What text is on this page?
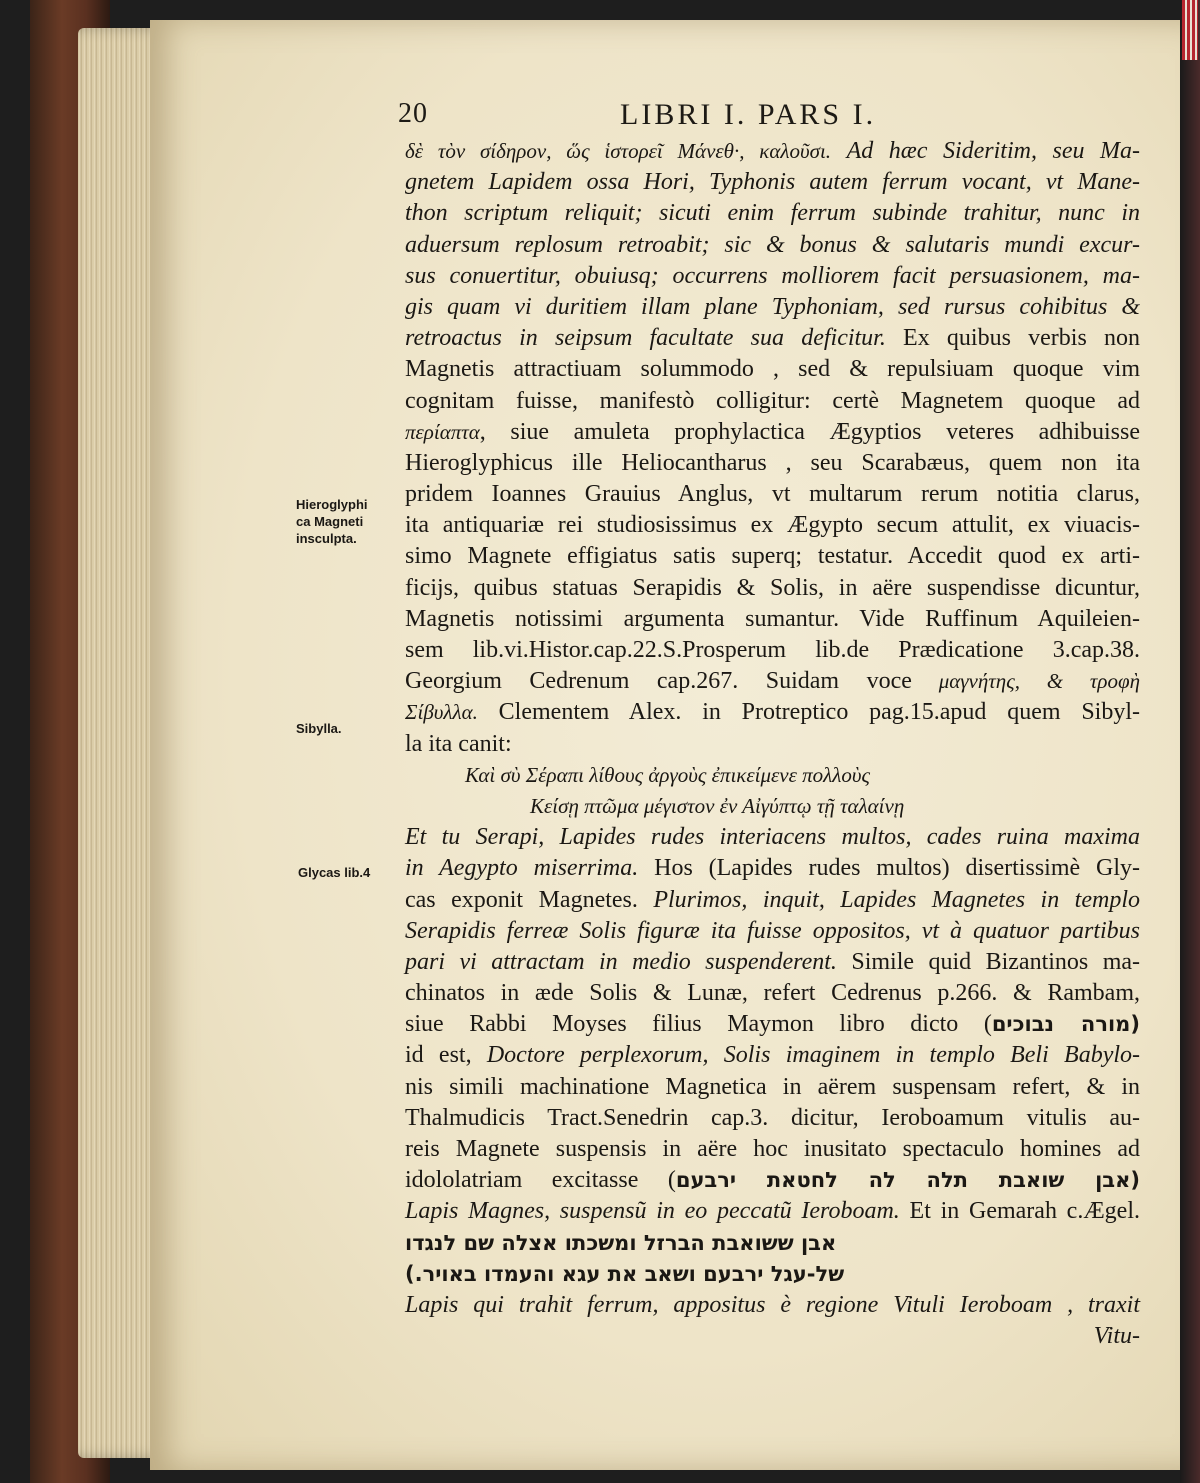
20	LIBRI I. PARS I.
Hieroglyphi
ca Magneti
insculpta.
Sibylla.
Glycas lib.4
δὲ τὸν σίδηρον, ὥς ἱστορεῖ Μάνεθ·, καλοῦσι. Ad hæc Sideritim, seu Ma-
gnetem Lapidem ossa Hori, Typhonis autem ferrum vocant, vt Mane-
thon scriptum reliquit; sicuti enim ferrum subinde trahitur, nunc in
aduersum replosum retroabit; sic & bonus & salutaris mundi excur-
sus conuertitur, obuiusq; occurrens molliorem facit persuasionem, ma-
gis quam vi duritiem illam plane Typhoniam, sed rursus cohibitus &
retroactus in seipsum facultate sua deficitur. Ex quibus verbis non
Magnetis attractiuam solummodo , sed & repulsiuam quoque vim
cognitam fuisse, manifestò colligitur: certè Magnetem quoque ad
περίαπτα, siue amuleta prophylactica Ægyptios veteres adhibuisse
Hieroglyphicus ille Heliocantharus , seu Scarabæus, quem non ita
pridem Ioannes Grauius Anglus, vt multarum rerum notitia clarus,
ita antiquariæ rei studiosissimus ex Ægypto secum attulit, ex viuacis-
simo Magnete effigiatus satis superq; testatur. Accedit quod ex arti-
ficijs, quibus statuas Serapidis & Solis, in aëre suspendisse dicuntur,
Magnetis notissimi argumenta sumantur. Vide Ruffinum Aquileien-
sem lib.vi.Histor.cap.22.S.Prosperum lib.de Prædicatione 3.cap.38.
Georgium Cedrenum cap.267. Suidam voce μαγνήτης, & τροφὴ
Σίβυλλα. Clementem Alex. in Protreptico pag.15.apud quem Sibyl-
la ita canit:
Καὶ σὺ Σέραπι λίθους ἀργοὺς ἐπικείμενε πολλοὺς
Κείσῃ πτῶμα μέγιστον ἐν Αἰγύπτῳ τῇ ταλαίνῃ
Et tu Serapi, Lapides rudes interiacens multos, cades ruina maxima
in Aegypto miserrima. Hos (Lapides rudes multos) disertissimè Gly-
cas exponit Magnetes. Plurimos, inquit, Lapides Magnetes in templo
Serapidis ferreæ Solis figuræ ita fuisse oppositos, vt à quatuor partibus
pari vi attractam in medio suspenderent. Simile quid Bizantinos ma-
chinatos in æde Solis & Lunæ, refert Cedrenus p.266. & Rambam,
siue Rabbi Moyses filius Maymon libro dicto (מורה נבוכים)
id est, Doctore perplexorum, Solis imaginem in templo Beli Babylo-
nis simili machinatione Magnetica in aërem suspensam refert, & in
Thalmudicis Tract.Senedrin cap.3. dicitur, Ieroboamum vitulis au-
reis Magnete suspensis in aëre hoc inusitato spectaculo homines ad
idololatriam excitasse (אבן שואבת תלה לה לחטאת ירבעם)
Lapis Magnes, suspensũ in eo peccatũ Ieroboam. Et in Gemarah c.Ægel.
אבן ששואבת הברזל ומשכתו אצלה שם לנגדו
של-עגל ירבעם ושאב את עגא והעמדו באויר.)
Lapis qui trahit ferrum, appositus è regione Vituli Ieroboam , traxit
Vitu-
